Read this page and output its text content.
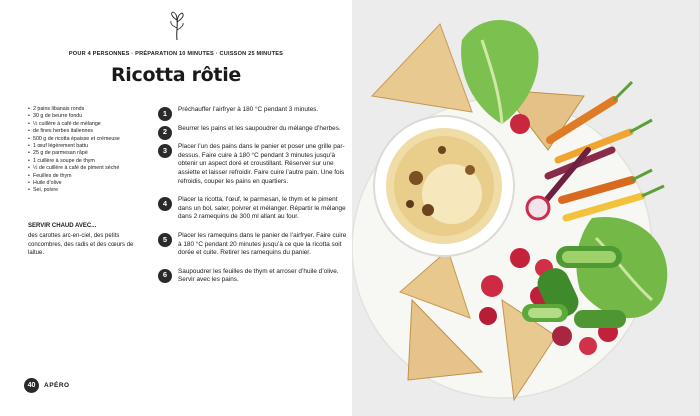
POUR 4 PERSONNES · PRÉPARATION 10 MINUTES · CUISSON 25 MINUTES
Ricotta rôtie
• 2 pains libanais ronds
• 30 g de beurre fondu
• ½ cuillère à café de mélange
• de fines herbes italiennes
• 500 g de ricotta épaisse et crémeuse
• 1 œuf légèrement battu
• 25 g de parmesan râpé
• 1 cuillère à soupe de thym
• ½ de cuillère à café de piment séché
• Feuilles de thym
• Huile d’olive
• Sel, poivre
SERVIR CHAUD AVEC...

des carottes arc-en-ciel, des petits concombres, des radis et des cœurs de laitue.

1	Préchauffer l’airfryer à 180 °C pendant 3 minutes.
2	Beurrer les pains et les saupoudrer du mélange d’herbes.
3	Placer l’un des pains dans le panier et poser une grille par-dessus. Faire cuire à 180 °C pendant 3 minutes jusqu’à obtenir un aspect doré et croustillant. Réserver sur une assiette et laisser refroidir. Faire cuire l’autre pain. Une fois refroidis, couper les pains en quartiers.
4	Placer la ricotta, l’œuf, le parmesan, le thym et le piment dans un bol, saler, poivrer et mélanger. Répartir le mélange dans 2 ramequins de 300 ml allant au four.
5	Placer les ramequins dans le panier de l’airfryer. Faire cuire à 180 °C pendant 20 minutes jusqu’à ce que la ricotta soit dorée et cuite. Retirer les ramequins du panier.
6	Saupoudrer les feuilles de thym et arroser d’huile d’olive. Servir avec les pains.
40	APÉRO
